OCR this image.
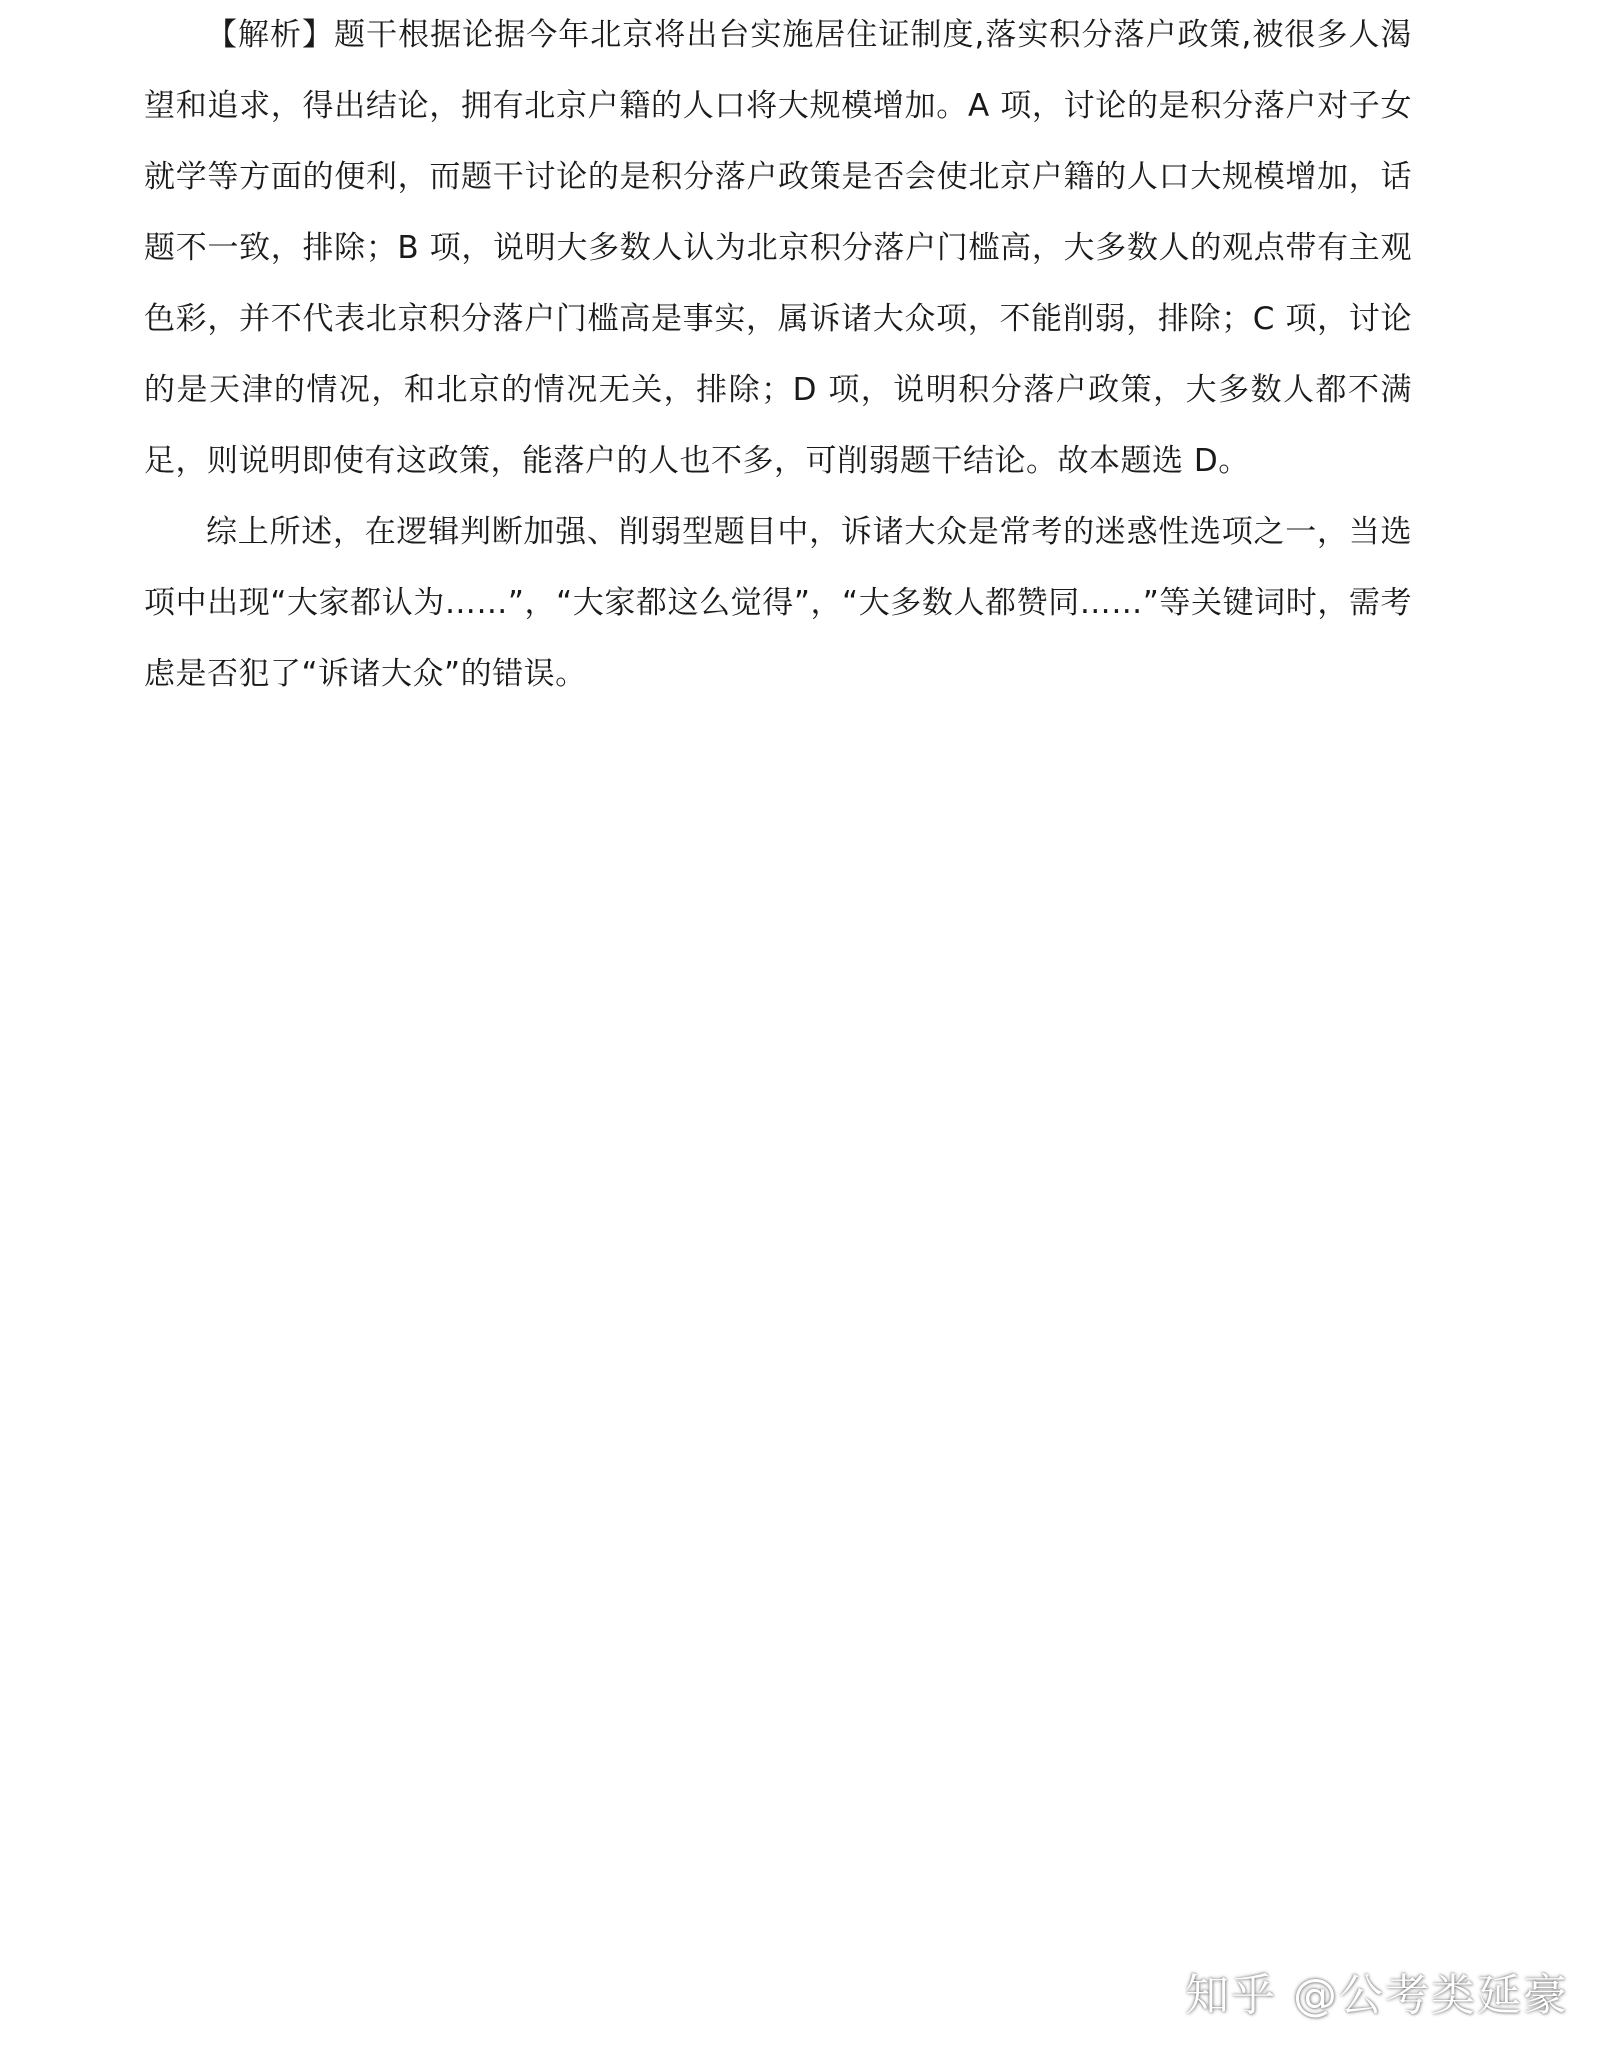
【解析】题干根据论据今年北京将出台实施居住证制度,落实积分落户政策,被很多人渴望和追求，得出结论，拥有北京户籍的人口将大规模增加。A 项，讨论的是积分落户对子女就学等方面的便利，而题干讨论的是积分落户政策是否会使北京户籍的人口大规模增加，话题不一致，排除；B 项，说明大多数人认为北京积分落户门槛高，大多数人的观点带有主观色彩，并不代表北京积分落户门槛高是事实，属诉诸大众项，不能削弱，排除；C 项，讨论的是天津的情况，和北京的情况无关，排除；D 项，说明积分落户政策，大多数人都不满足，则说明即使有这政策，能落户的人也不多，可削弱题干结论。故本题选 D。

综上所述，在逻辑判断加强、削弱型题目中，诉诸大众是常考的迷惑性选项之一，当选项中出现“大家都认为……”，“大家都这么觉得”，“大多数人都赞同……”等关键词时，需考虑是否犯了“诉诸大众”的错误。

知乎 @公考类延豪
